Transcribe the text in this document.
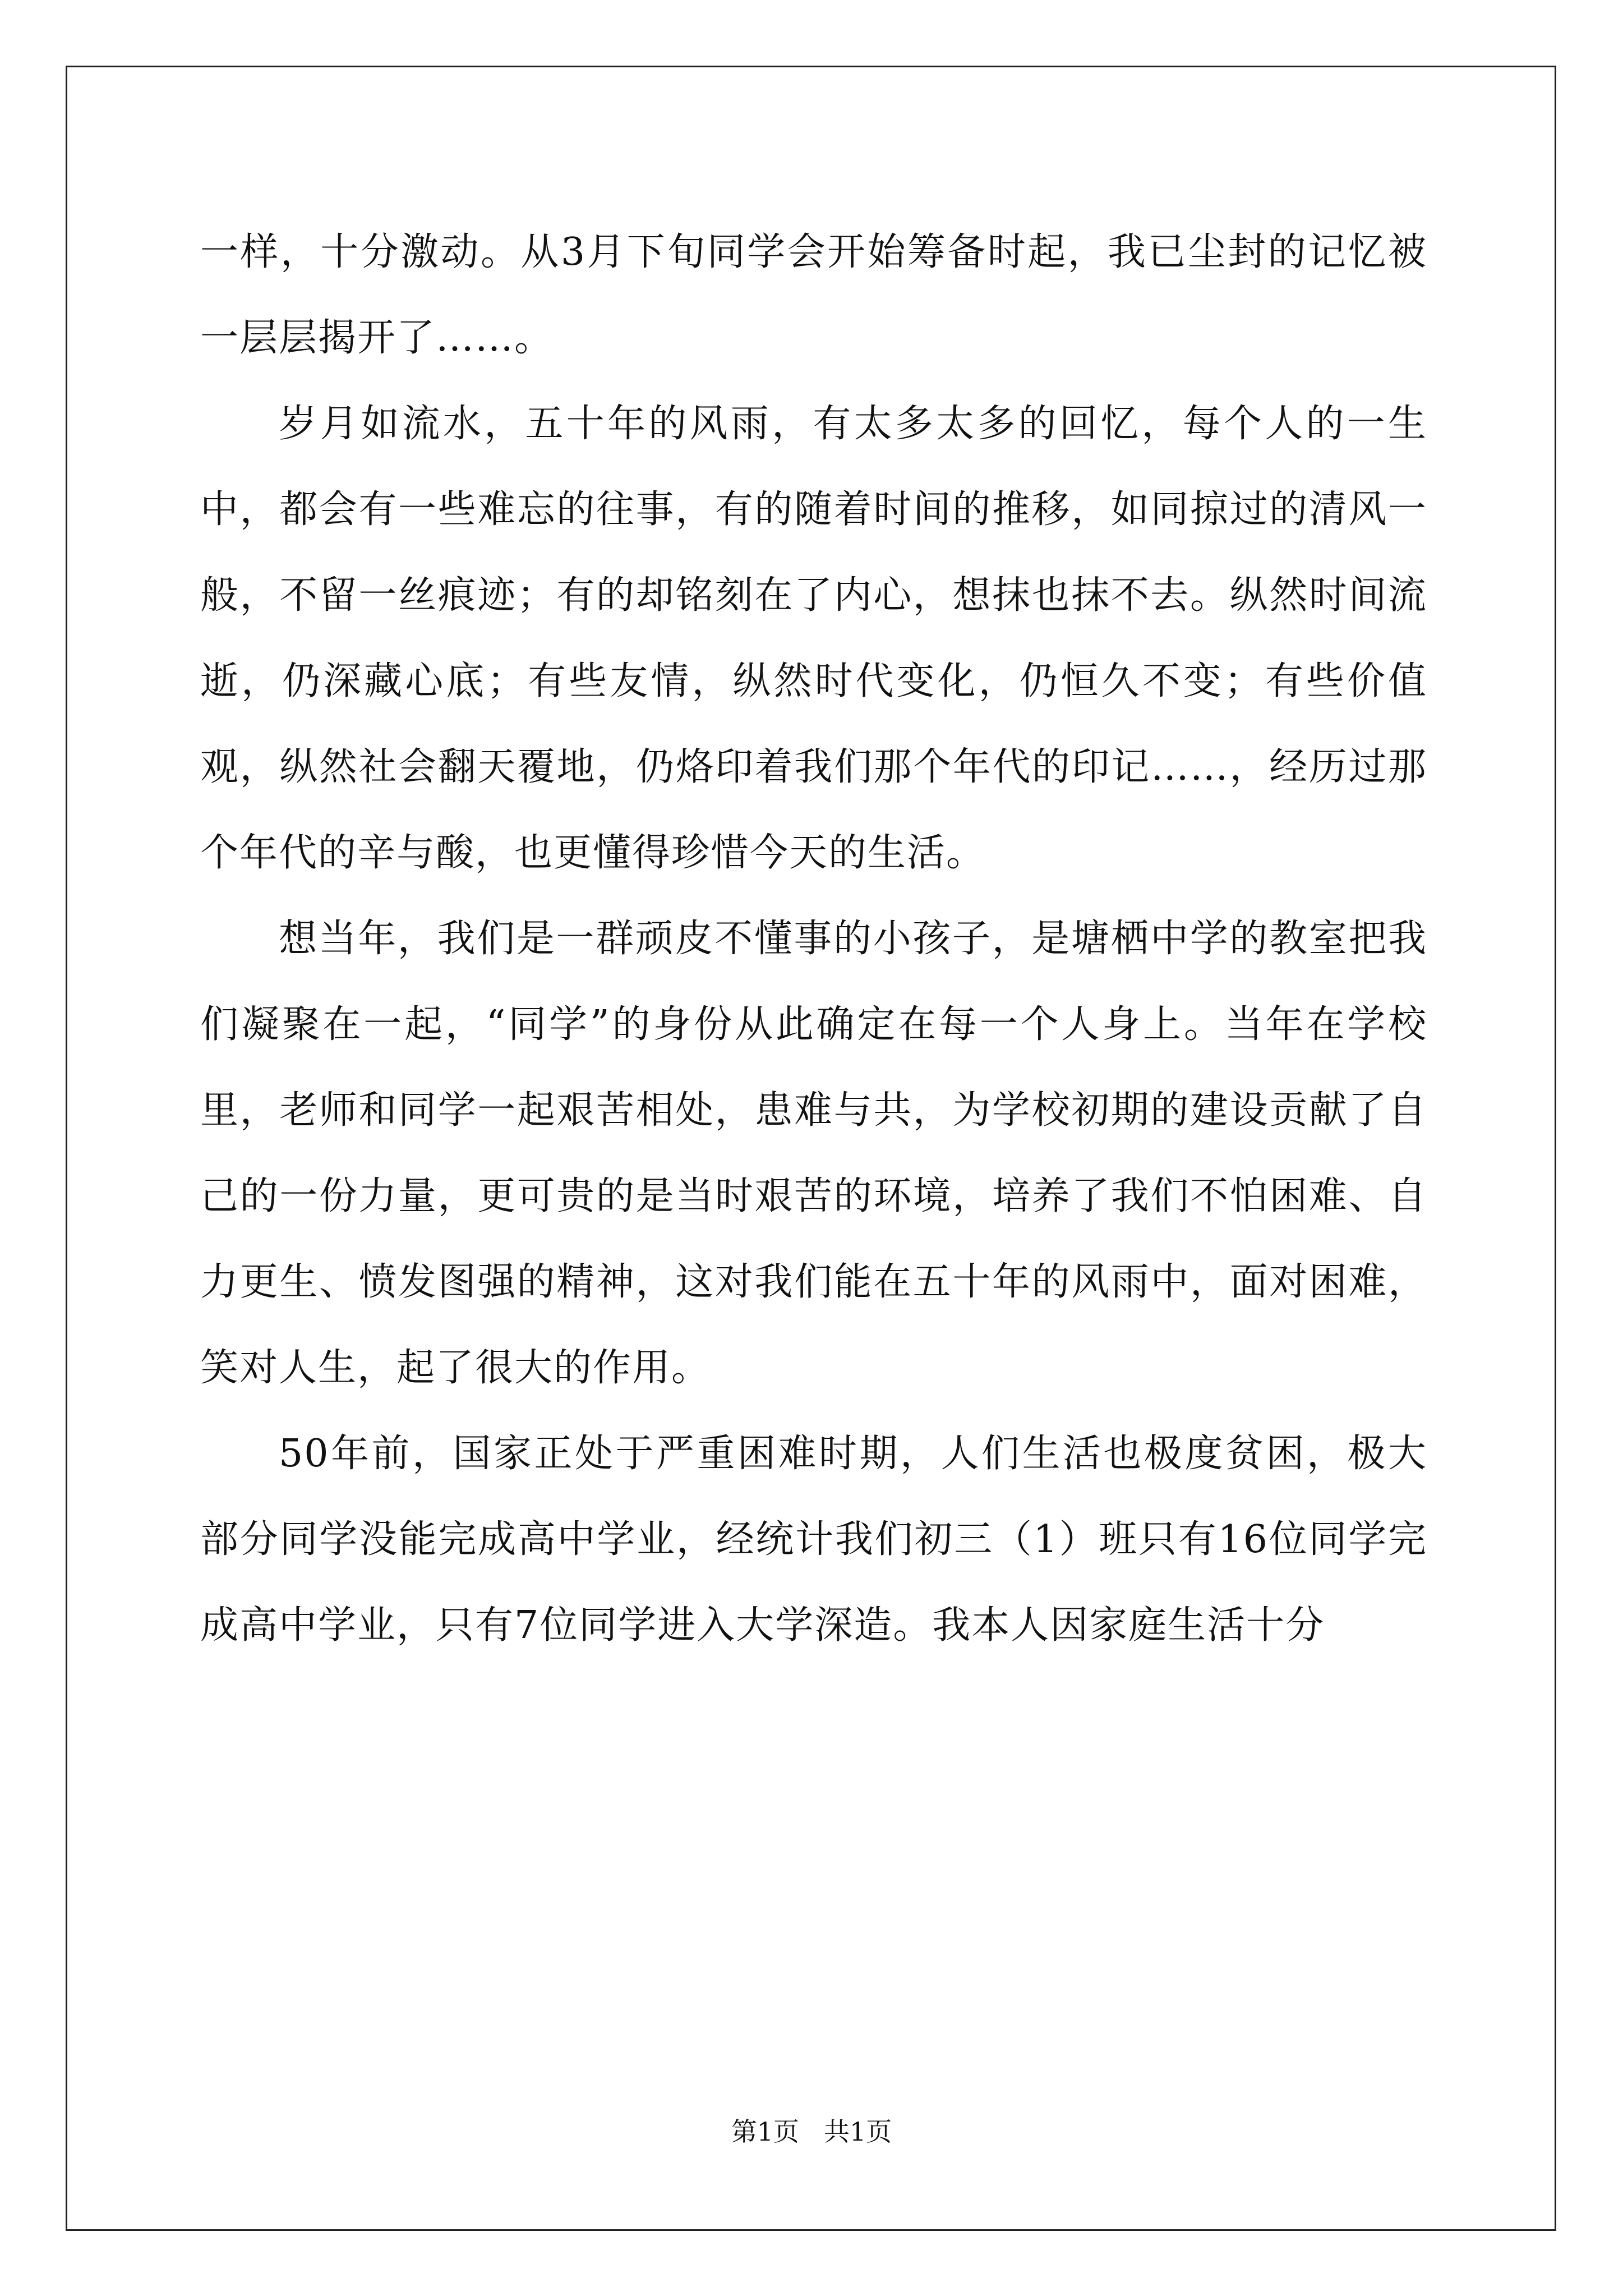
一样，十分激动。从3月下旬同学会开始筹备时起，我已尘封的记忆被一层层揭开了……。

岁月如流水，五十年的风雨，有太多太多的回忆，每个人的一生中，都会有一些难忘的往事，有的随着时间的推移，如同掠过的清风一般，不留一丝痕迹；有的却铭刻在了内心，想抹也抹不去。纵然时间流逝，仍深藏心底；有些友情，纵然时代变化，仍恒久不变；有些价值观，纵然社会翻天覆地，仍烙印着我们那个年代的印记……，经历过那个年代的辛与酸，也更懂得珍惜今天的生活。

想当年，我们是一群顽皮不懂事的小孩子，是塘栖中学的教室把我们凝聚在一起，“同学”的身份从此确定在每一个人身上。当年在学校里，老师和同学一起艰苦相处，患难与共，为学校初期的建设贡献了自己的一份力量，更可贵的是当时艰苦的环境，培养了我们不怕困难、自力更生、愤发图强的精神，这对我们能在五十年的风雨中，面对困难，笑对人生，起了很大的作用。

50年前，国家正处于严重困难时期，人们生活也极度贫困，极大部分同学没能完成高中学业，经统计我们初三（1）班只有16位同学完成高中学业，只有7位同学进入大学深造。我本人因家庭生活十分

第1页 共1页
